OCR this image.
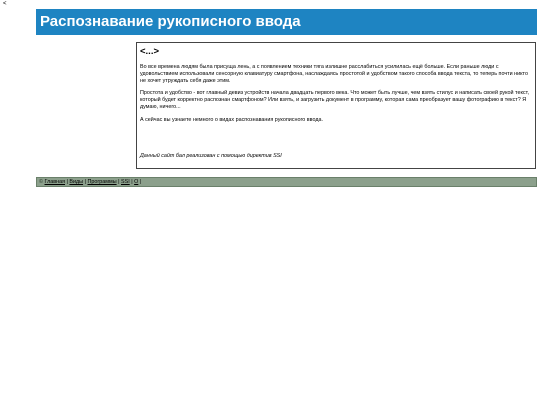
<
Распознавание рукописного ввода
<...>

Во все времена людям была присуща лень, а с появлением техники тяга излишне расслабиться усилилась ещё больше. Если раньше люди с удовольствием использовали сенсорную клавиатуру смартфона, наслаждаясь простотой и удобством такого способа ввода текста, то теперь почти никто не хочет утруждать себя даже этим.

Простота и удобство - вот главный девиз устройств начала двадцать первого века. Что может быть лучше, чем взять стилус и написать своей рукой текст, который будет корректно распознан смартфоном? Или взять, и загрузить документ в программу, которая сама преобразует вашу фотографию в текст? Я думаю, ничего...

А сейчас вы узнаете немного о видах распознавания рукописного ввода.

Данный сайт бал реализован с помощью директив SSI
© Главная | Виды | Программы | SSI | О |
